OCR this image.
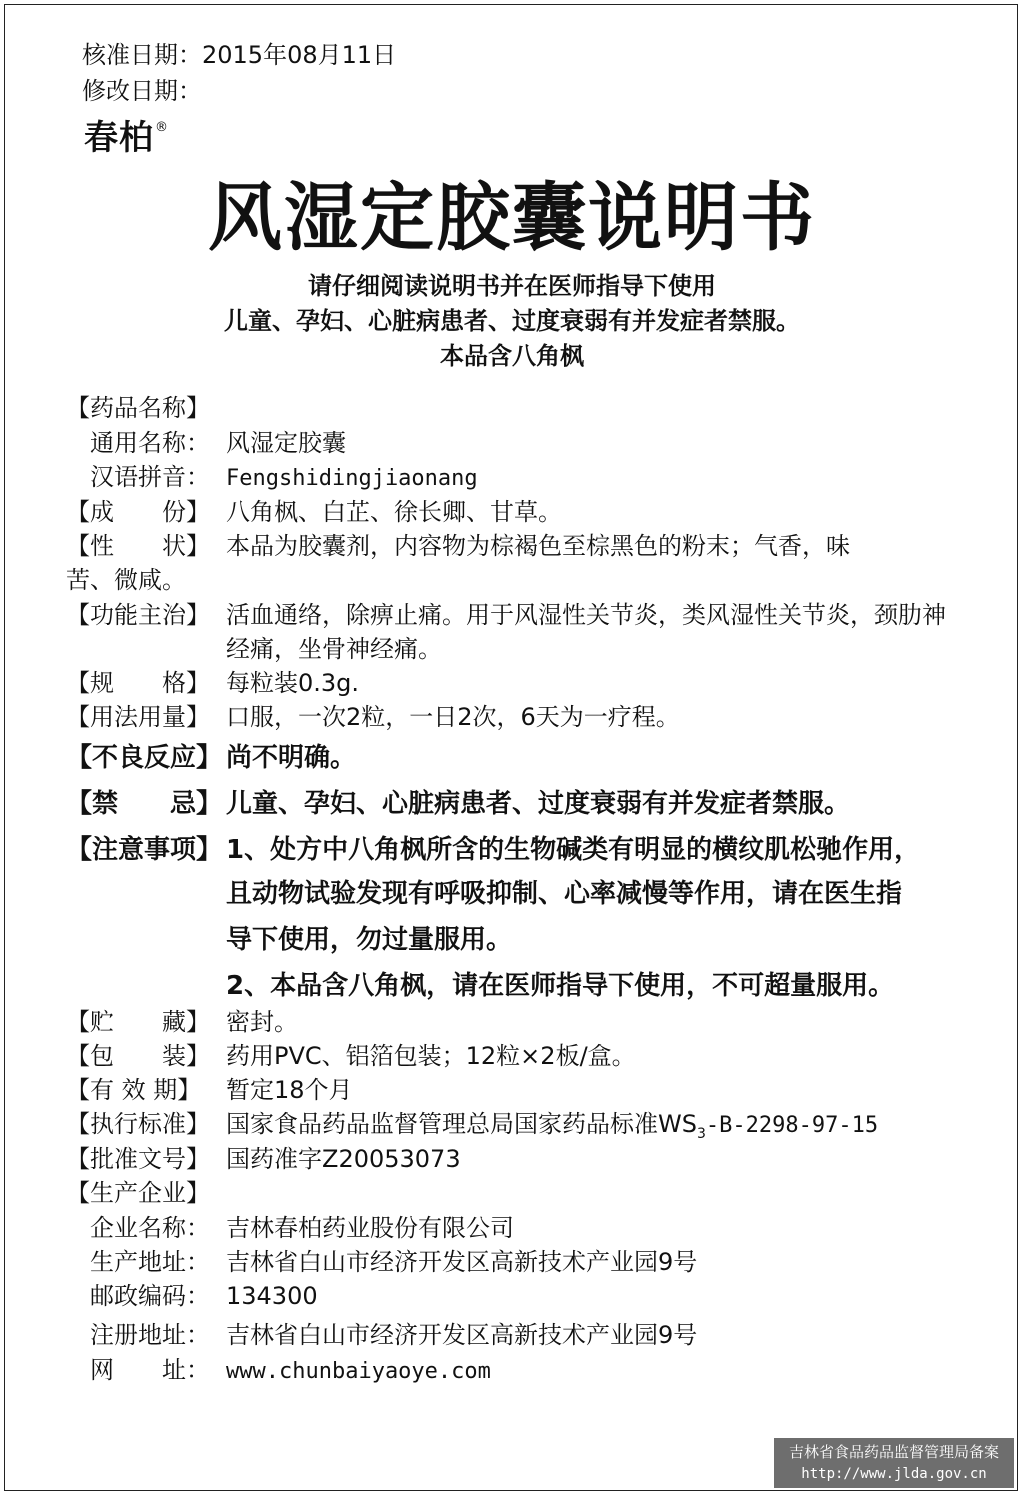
核准日期：2015年08月11日
修改日期：
春柏®
风湿定胶囊说明书
请仔细阅读说明书并在医师指导下使用
儿童、孕妇、心脏病患者、过度衰弱有并发症者禁服。
本品含八角枫
【药品名称】
通用名称： 风湿定胶囊
汉语拼音： Fengshidingjiaonang
【成　　份】 八角枫、白芷、徐长卿、甘草。
【性　　状】 本品为胶囊剂，内容物为棕褐色至棕黑色的粉末；气香，味
苦、微咸。
【功能主治】 活血通络，除痹止痛。用于风湿性关节炎，类风湿性关节炎，颈肋神经痛，坐骨神经痛。
【规　　格】 每粒装0.3g.
【用法用量】 口服，一次2粒，一日2次，6天为一疗程。
【不良反应】 尚不明确。
【禁　　忌】 儿童、孕妇、心脏病患者、过度衰弱有并发症者禁服。
【注意事项】 1、处方中八角枫所含的生物碱类有明显的横纹肌松驰作用，
且动物试验发现有呼吸抑制、心率减慢等作用，请在医生指
导下使用，勿过量服用。
2、本品含八角枫，请在医师指导下使用，不可超量服用。
【贮　　藏】 密封。
【包　　装】 药用PVC、铝箔包装；12粒×2板/盒。
【有 效 期】 暂定18个月
【执行标准】 国家食品药品监督管理总局国家药品标准$WS_3-B-2298-97-15$
【批准文号】 国药准字Z20053073
【生产企业】
企业名称： 吉林春柏药业股份有限公司
生产地址： 吉林省白山市经济开发区高新技术产业园9号
邮政编码： 134300
注册地址： 吉林省白山市经济开发区高新技术产业园9号
网　　址： www.chunbaiyaoye.com
吉林省食品药品监督管理局备案
http://www.jlda.gov.cn
